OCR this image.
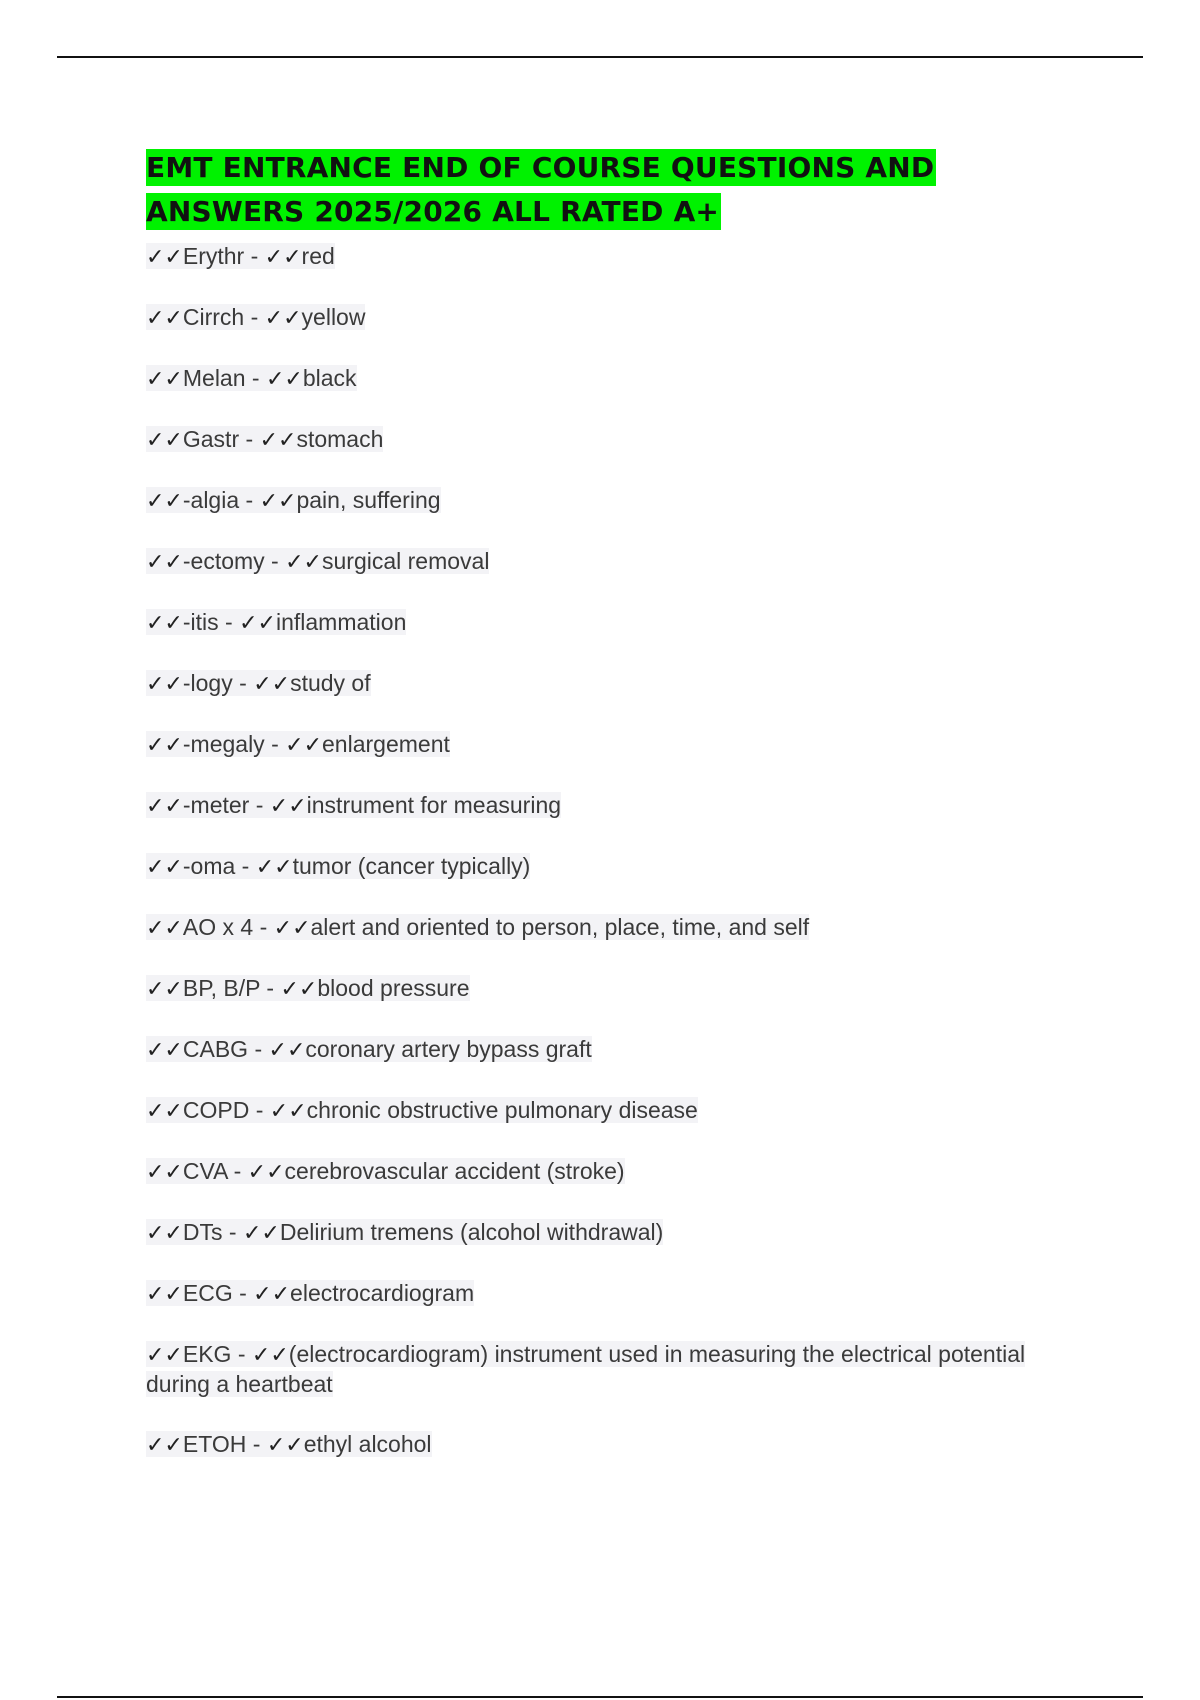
EMT ENTRANCE END OF COURSE QUESTIONS AND ANSWERS 2025/2026 ALL RATED A+
✓✓Erythr - ✓✓red
✓✓Cirrch - ✓✓yellow
✓✓Melan - ✓✓black
✓✓Gastr - ✓✓stomach
✓✓-algia - ✓✓pain, suffering
✓✓-ectomy - ✓✓surgical removal
✓✓-itis - ✓✓inflammation
✓✓-logy - ✓✓study of
✓✓-megaly - ✓✓enlargement
✓✓-meter - ✓✓instrument for measuring
✓✓-oma - ✓✓tumor (cancer typically)
✓✓AO x 4 - ✓✓alert and oriented to person, place, time, and self
✓✓BP, B/P - ✓✓blood pressure
✓✓CABG - ✓✓coronary artery bypass graft
✓✓COPD - ✓✓chronic obstructive pulmonary disease
✓✓CVA - ✓✓cerebrovascular accident (stroke)
✓✓DTs - ✓✓Delirium tremens (alcohol withdrawal)
✓✓ECG - ✓✓electrocardiogram
✓✓EKG - ✓✓(electrocardiogram) instrument used in measuring the electrical potential during a heartbeat
✓✓ETOH - ✓✓ethyl alcohol
